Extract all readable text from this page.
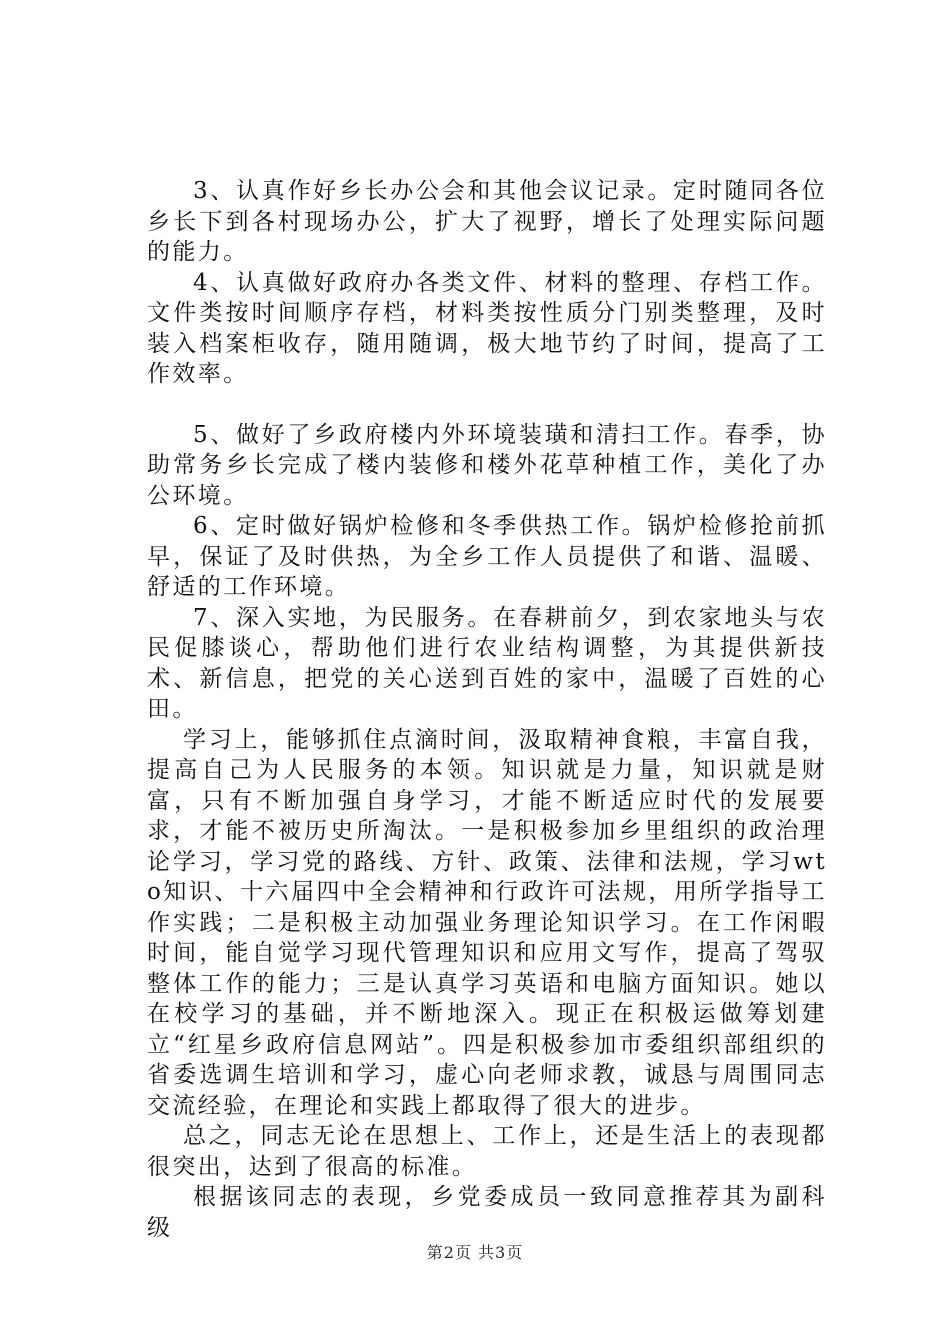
3、认真作好乡长办公会和其他会议记录。定时随同各位乡长下到各村现场办公，扩大了视野，增长了处理实际问题的能力。

4、认真做好政府办各类文件、材料的整理、存档工作。文件类按时间顺序存档，材料类按性质分门别类整理，及时装入档案柜收存，随用随调，极大地节约了时间，提高了工作效率。

5、做好了乡政府楼内外环境装璜和清扫工作。春季，协助常务乡长完成了楼内装修和楼外花草种植工作，美化了办公环境。

6、定时做好锅炉检修和冬季供热工作。锅炉检修抢前抓早，保证了及时供热，为全乡工作人员提供了和谐、温暖、舒适的工作环境。

7、深入实地，为民服务。在春耕前夕，到农家地头与农民促膝谈心，帮助他们进行农业结构调整，为其提供新技术、新信息，把党的关心送到百姓的家中，温暖了百姓的心田。

学习上，能够抓住点滴时间，汲取精神食粮，丰富自我，提高自己为人民服务的本领。知识就是力量，知识就是财富，只有不断加强自身学习，才能不断适应时代的发展要求，才能不被历史所淘汰。一是积极参加乡里组织的政治理论学习，学习党的路线、方针、政策、法律和法规，学习wto知识、十六届四中全会精神和行政许可法规，用所学指导工作实践；二是积极主动加强业务理论知识学习。在工作闲暇时间，能自觉学习现代管理知识和应用文写作，提高了驾驭整体工作的能力；三是认真学习英语和电脑方面知识。她以在校学习的基础，并不断地深入。现正在积极运做筹划建立“红星乡政府信息网站”。四是积极参加市委组织部组织的省委选调生培训和学习，虚心向老师求教，诚恳与周围同志交流经验，在理论和实践上都取得了很大的进步。

总之，同志无论在思想上、工作上，还是生活上的表现都很突出，达到了很高的标准。

根据该同志的表现，乡党委成员一致同意推荐其为副科级

第2页 共3页
